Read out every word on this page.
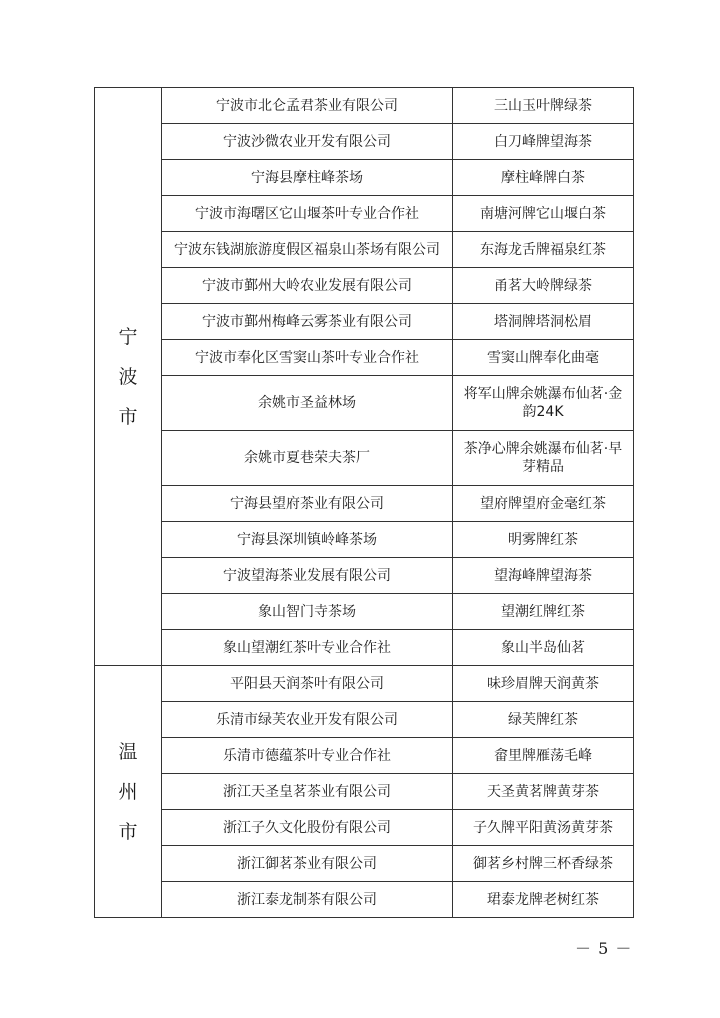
宁
波
市	宁波市北仑孟君茶业有限公司	三山玉叶牌绿茶
	宁波沙微农业开发有限公司	白刀峰牌望海茶
	宁海县摩柱峰茶场	摩柱峰牌白茶
	宁波市海曙区它山堰茶叶专业合作社	南塘河牌它山堰白茶
	宁波东钱湖旅游度假区福泉山茶场有限公司	东海龙舌牌福泉红茶
	宁波市鄞州大岭农业发展有限公司	甬茗大岭牌绿茶
	宁波市鄞州梅峰云雾茶业有限公司	塔洞牌塔洞松眉
	宁波市奉化区雪窦山茶叶专业合作社	雪窦山牌奉化曲毫
	余姚市圣益林场	将军山牌余姚瀑布仙茗·金韵24K
	余姚市夏巷荣夫茶厂	茶净心牌余姚瀑布仙茗·早芽精品
	宁海县望府茶业有限公司	望府牌望府金毫红茶
	宁海县深圳镇岭峰茶场	明雾牌红茶
	宁波望海茶业发展有限公司	望海峰牌望海茶
	象山智门寺茶场	望潮红牌红茶
	象山望潮红茶叶专业合作社	象山半岛仙茗

温
州
市	平阳县天润茶叶有限公司	味珍眉牌天润黄茶
	乐清市绿芙农业开发有限公司	绿芙牌红茶
	乐清市德蕴茶叶专业合作社	畲里牌雁荡毛峰
	浙江天圣皇茗茶业有限公司	天圣黄茗牌黄芽茶
	浙江子久文化股份有限公司	子久牌平阳黄汤黄芽茶
	浙江御茗茶业有限公司	御茗乡村牌三杯香绿茶
	浙江泰龙制茶有限公司	珺泰龙牌老树红茶
－ 5 －
